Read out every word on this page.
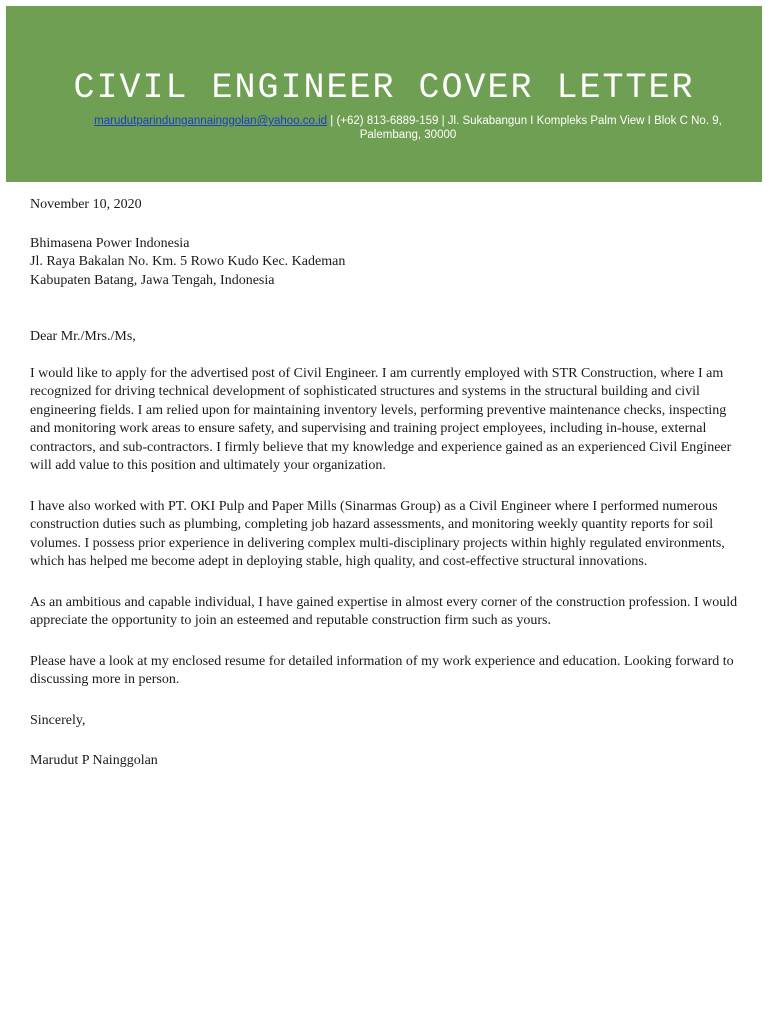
CIVIL ENGINEER COVER LETTER
marudutparindungannainggolan@yahoo.co.id | (+62) 813-6889-159 | Jl. Sukabangun I Kompleks Palm View I Blok C No. 9, Palembang, 30000

November 10, 2020

Bhimasena Power Indonesia

Jl. Raya Bakalan No. Km. 5 Rowo Kudo Kec. Kademan

Kabupaten Batang, Jawa Tengah, Indonesia

Dear Mr./Mrs./Ms,

I would like to apply for the advertised post of Civil Engineer. I am currently employed with STR Construction, where I am recognized for driving technical development of sophisticated structures and systems in the structural building and civil engineering fields. I am relied upon for maintaining inventory levels, performing preventive maintenance checks, inspecting and monitoring work areas to ensure safety, and supervising and training project employees, including in-house, external contractors, and sub-contractors. I firmly believe that my knowledge and experience gained as an experienced Civil Engineer will add value to this position and ultimately your organization.

I have also worked with PT. OKI Pulp and Paper Mills (Sinarmas Group) as a Civil Engineer where I performed numerous construction duties such as plumbing, completing job hazard assessments, and monitoring weekly quantity reports for soil volumes. I possess prior experience in delivering complex multi-disciplinary projects within highly regulated environments, which has helped me become adept in deploying stable, high quality, and cost-effective structural innovations.

As an ambitious and capable individual, I have gained expertise in almost every corner of the construction profession. I would appreciate the opportunity to join an esteemed and reputable construction firm such as yours.

Please have a look at my enclosed resume for detailed information of my work experience and education. Looking forward to discussing more in person.

Sincerely,

Marudut P Nainggolan
